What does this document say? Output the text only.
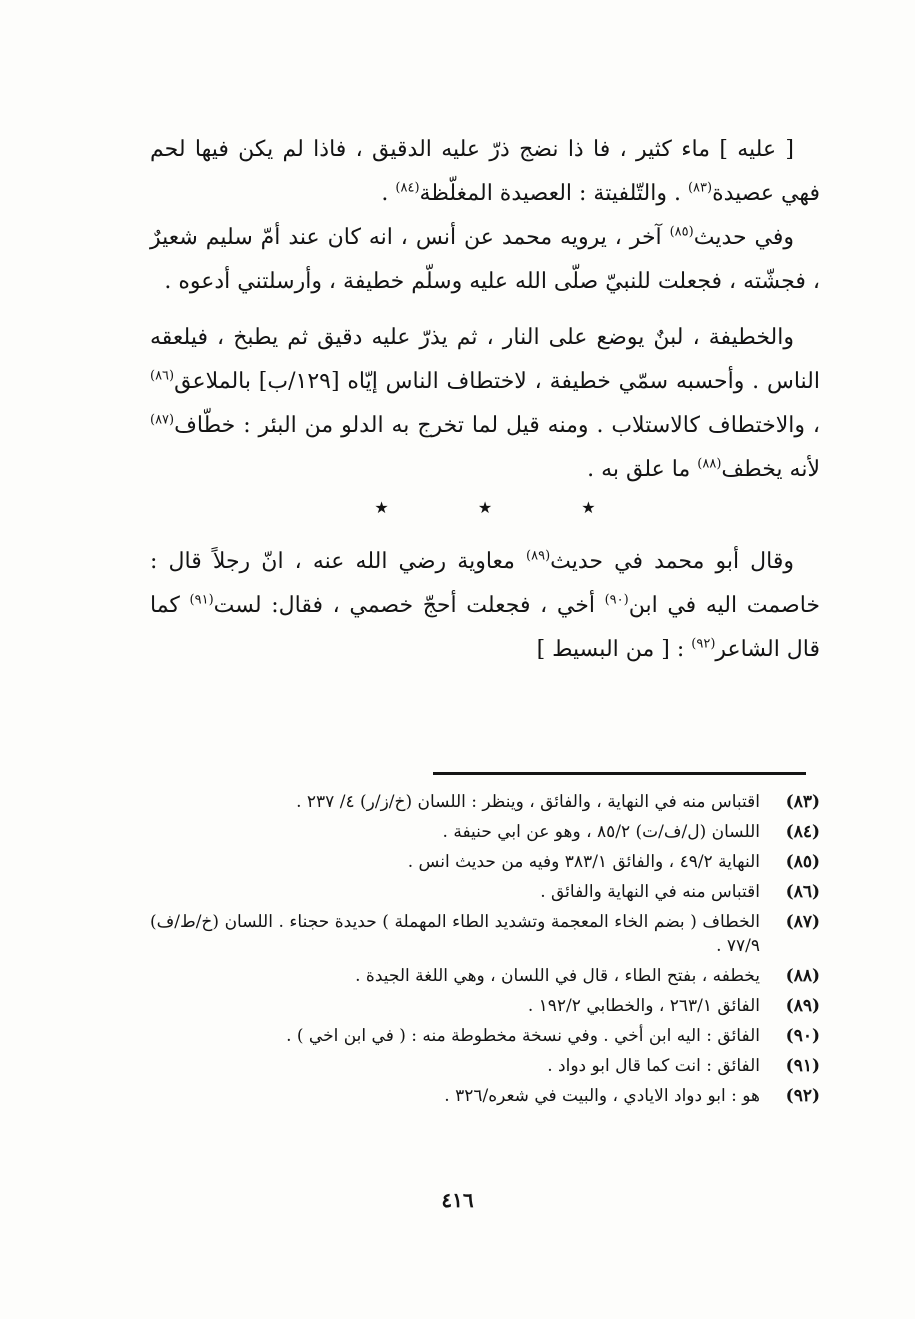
[ عليه ] ماء كثير ، فا ذا نضج ذرّ عليه الدقيق ، فاذا لم يكن فيها لحم فهي عصيدة$^{(٨٣)}$ . والتّلفيتة : العصيدة المغلّظة$^{(٨٤)}$ .

وفي حديث$^{(٨٥)}$ آخر ، يرويه محمد عن أنس ، انه كان عند أمّ سليم شعيرٌ ، فجشّته ، فجعلت للنبيّ صلّى الله عليه وسلّم خطيفة ، وأرسلتني أدعوه .

والخطيفة ، لبنٌ يوضع على النار ، ثم يذرّ عليه دقيق ثم يطبخ ، فيلعقه الناس . وأحسبه سمّي خطيفة ، لاختطاف الناس إيّاه [١٢٩/ب] بالملاعق$^{(٨٦)}$ ، والاختطاف كالاستلاب . ومنه قيل لما تخرج به الدلو من البئر : خطّاف$^{(٨٧)}$ لأنه يخطف$^{(٨٨)}$ ما علق به .

★ ★ ★

وقال أبو محمد في حديث$^{(٨٩)}$ معاوية رضي الله عنه ، انّ رجلاً قال : خاصمت اليه في ابن$^{(٩٠)}$ أخي ، فجعلت أحجّ خصمي ، فقال: لست$^{(٩١)}$ كما قال الشاعر$^{(٩٢)}$ : [ من البسيط ]

(٨٣)
اقتباس منه في النهاية ، والفائق ، وينظر : اللسان (خ/ز/ر) ٤/ ٢٣٧ .
(٨٤)
اللسان (ل/ف/ت) ٨٥/٢ ، وهو عن ابي حنيفة .
(٨٥)
النهاية ٤٩/٢ ، والفائق ٣٨٣/١ وفيه من حديث انس .
(٨٦)
اقتباس منه في النهاية والفائق .
(٨٧)
الخطاف ( بضم الخاء المعجمة وتشديد الطاء المهملة ) حديدة حجناء . اللسان (خ/ط/ف) ٧٧/٩ .
(٨٨)
يخطفه ، بفتح الطاء ، قال في اللسان ، وهي اللغة الجيدة .
(٨٩)
الفائق ٢٦٣/١ ، والخطابي ١٩٢/٢ .
(٩٠)
الفائق : اليه ابن أخي . وفي نسخة مخطوطة منه : ( في ابن اخي ) .
(٩١)
الفائق : انت كما قال ابو دواد .
(٩٢)
هو : ابو دواد الايادي ، والبيت في شعره/٣٢٦ .
٤١٦
